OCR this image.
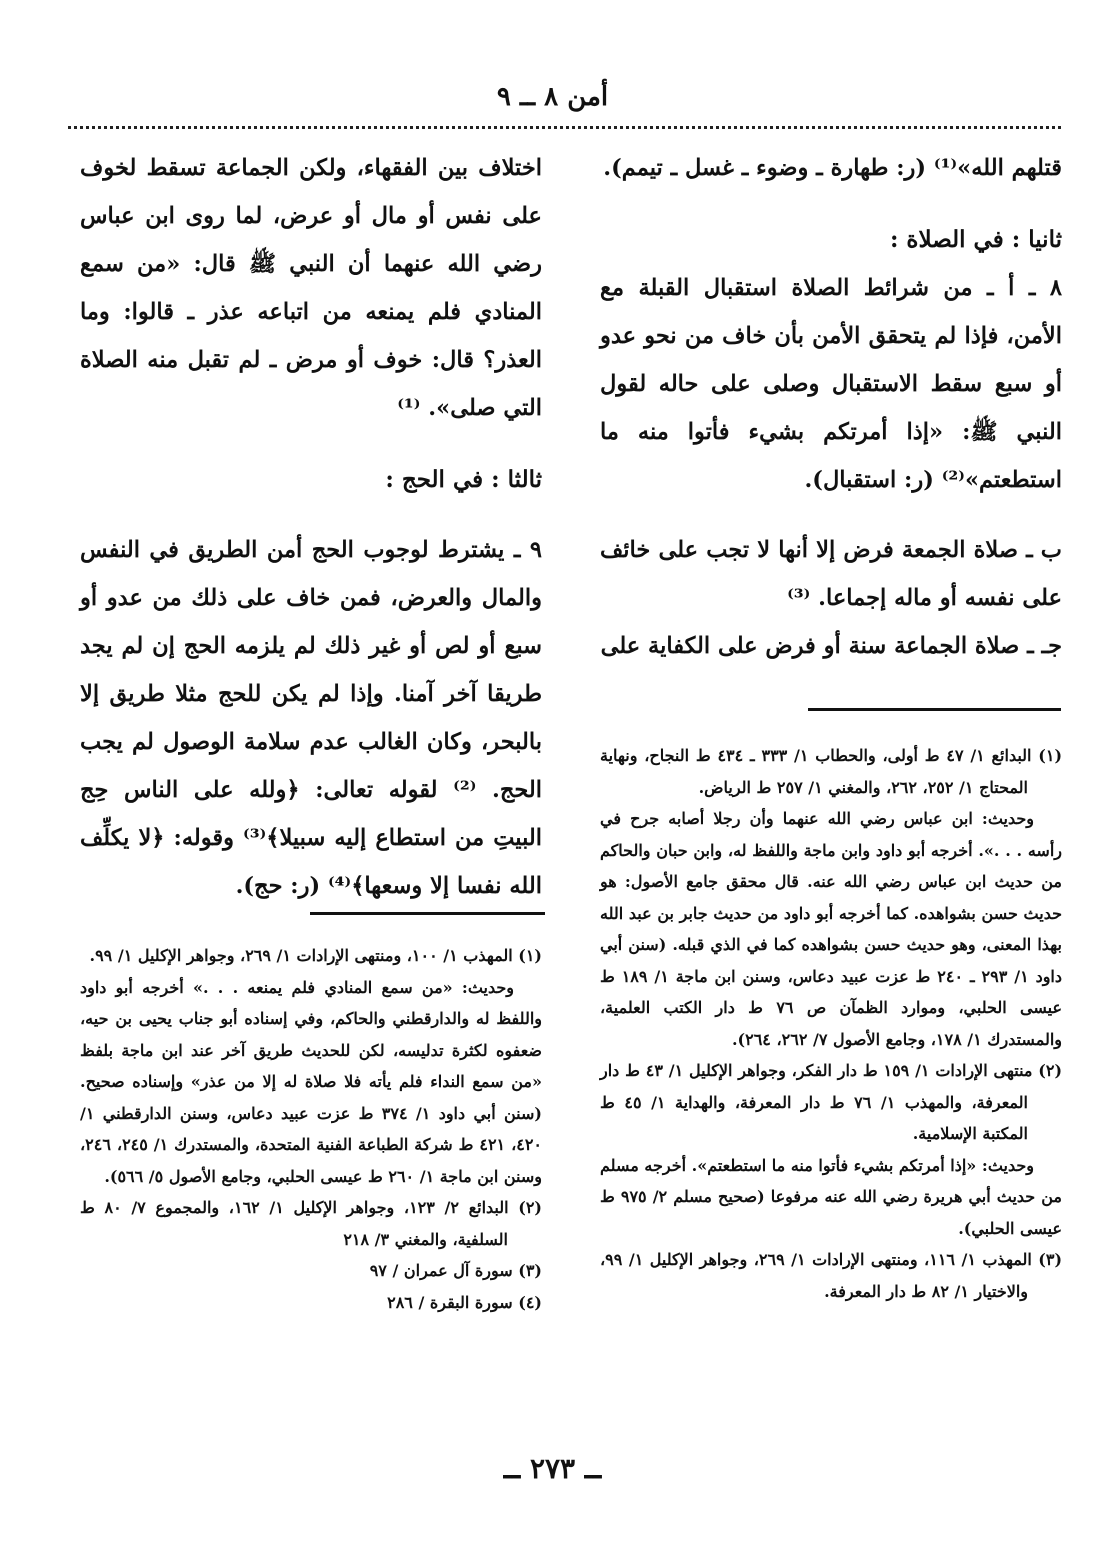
أمن ٨ ــ ٩

قتلهم الله»⁽¹⁾ (ر: طهارة ـ وضوء ـ غسل ـ تيمم).

ثانيا : في الصلاة :

٨ ـ أ ـ من شرائط الصلاة استقبال القبلة مع الأمن، فإذا لم يتحقق الأمن بأن خاف من نحو عدو أو سبع سقط الاستقبال وصلى على حاله لقول النبي ﷺ: «إذا أمرتكم بشيء فأتوا منه ما استطعتم»⁽²⁾ (ر: استقبال).

ب ـ صلاة الجمعة فرض إلا أنها لا تجب على خائف على نفسه أو ماله إجماعا. ⁽³⁾

جـ ـ صلاة الجماعة سنة أو فرض على الكفاية على

(١) البدائع ١/ ٤٧ ط أولى، والحطاب ١/ ٣٣٣ ـ ٤٣٤ ط النجاح، ونهاية المحتاج ١/ ٢٥٢، ٢٦٢، والمغني ١/ ٢٥٧ ط الرياض.

وحديث: ابن عباس رضي الله عنهما وأن رجلا أصابه جرح في رأسه . . .». أخرجه أبو داود وابن ماجة واللفظ له، وابن حبان والحاكم من حديث ابن عباس رضي الله عنه. قال محقق جامع الأصول: هو حديث حسن بشواهده. كما أخرجه أبو داود من حديث جابر بن عبد الله بهذا المعنى، وهو حديث حسن بشواهده كما في الذي قبله. (سنن أبي داود ١/ ٢٩٣ ـ ٢٤٠ ط عزت عبيد دعاس، وسنن ابن ماجة ١/ ١٨٩ ط عيسى الحلبي، وموارد الظمآن ص ٧٦ ط دار الكتب العلمية، والمستدرك ١/ ١٧٨، وجامع الأصول ٧/ ٢٦٢، ٢٦٤).

(٢) منتهى الإرادات ١/ ١٥٩ ط دار الفكر، وجواهر الإكليل ١/ ٤٣ ط دار المعرفة، والمهذب ١/ ٧٦ ط دار المعرفة، والهداية ١/ ٤٥ ط المكتبة الإسلامية.

وحديث: «إذا أمرتكم بشيء فأتوا منه ما استطعتم». أخرجه مسلم من حديث أبي هريرة رضي الله عنه مرفوعا (صحيح مسلم ٢/ ٩٧٥ ط عيسى الحلبي).

(٣) المهذب ١/ ١١٦، ومنتهى الإرادات ١/ ٢٦٩، وجواهر الإكليل ١/ ٩٩، والاختيار ١/ ٨٢ ط دار المعرفة.

اختلاف بين الفقهاء، ولكن الجماعة تسقط لخوف على نفس أو مال أو عرض، لما روى ابن عباس رضي الله عنهما أن النبي ﷺ قال: «من سمع المنادي فلم يمنعه من اتباعه عذر ـ قالوا: وما العذر؟ قال: خوف أو مرض ـ لم تقبل منه الصلاة التي صلى». ⁽¹⁾

ثالثا : في الحج :

٩ ـ يشترط لوجوب الحج أمن الطريق في النفس والمال والعرض، فمن خاف على ذلك من عدو أو سبع أو لص أو غير ذلك لم يلزمه الحج إن لم يجد طريقا آخر آمنا. وإذا لم يكن للحج مثلا طريق إلا بالبحر، وكان الغالب عدم سلامة الوصول لم يجب الحج. ⁽²⁾ لقوله تعالى: ﴿ولله على الناس حِج البيتِ من استطاع إليه سبيلا﴾⁽³⁾ وقوله: ﴿لا يكلِّف الله نفسا إلا وسعها﴾⁽⁴⁾ (ر: حج).

(١) المهذب ١/ ١٠٠، ومنتهى الإرادات ١/ ٢٦٩، وجواهر الإكليل ١/ ٩٩.

وحديث: «من سمع المنادي فلم يمنعه . . .» أخرجه أبو داود واللفظ له والدارقطني والحاكم، وفي إسناده أبو جناب يحيى بن حيه، ضعفوه لكثرة تدليسه، لكن للحديث طريق آخر عند ابن ماجة بلفظ «من سمع النداء فلم يأته فلا صلاة له إلا من عذر» وإسناده صحيح. (سنن أبي داود ١/ ٣٧٤ ط عزت عبيد دعاس، وسنن الدارقطني ١/ ٤٢٠، ٤٢١ ط شركة الطباعة الفنية المتحدة، والمستدرك ١/ ٢٤٥، ٢٤٦، وسنن ابن ماجة ١/ ٢٦٠ ط عيسى الحلبي، وجامع الأصول ٥/ ٥٦٦).

(٢) البدائع ٢/ ١٢٣، وجواهر الإكليل ١/ ١٦٢، والمجموع ٧/ ٨٠ ط السلفية، والمغني ٣/ ٢١٨

(٣) سورة آل عمران / ٩٧

(٤) سورة البقرة / ٢٨٦

ــ ٢٧٣ ــ
